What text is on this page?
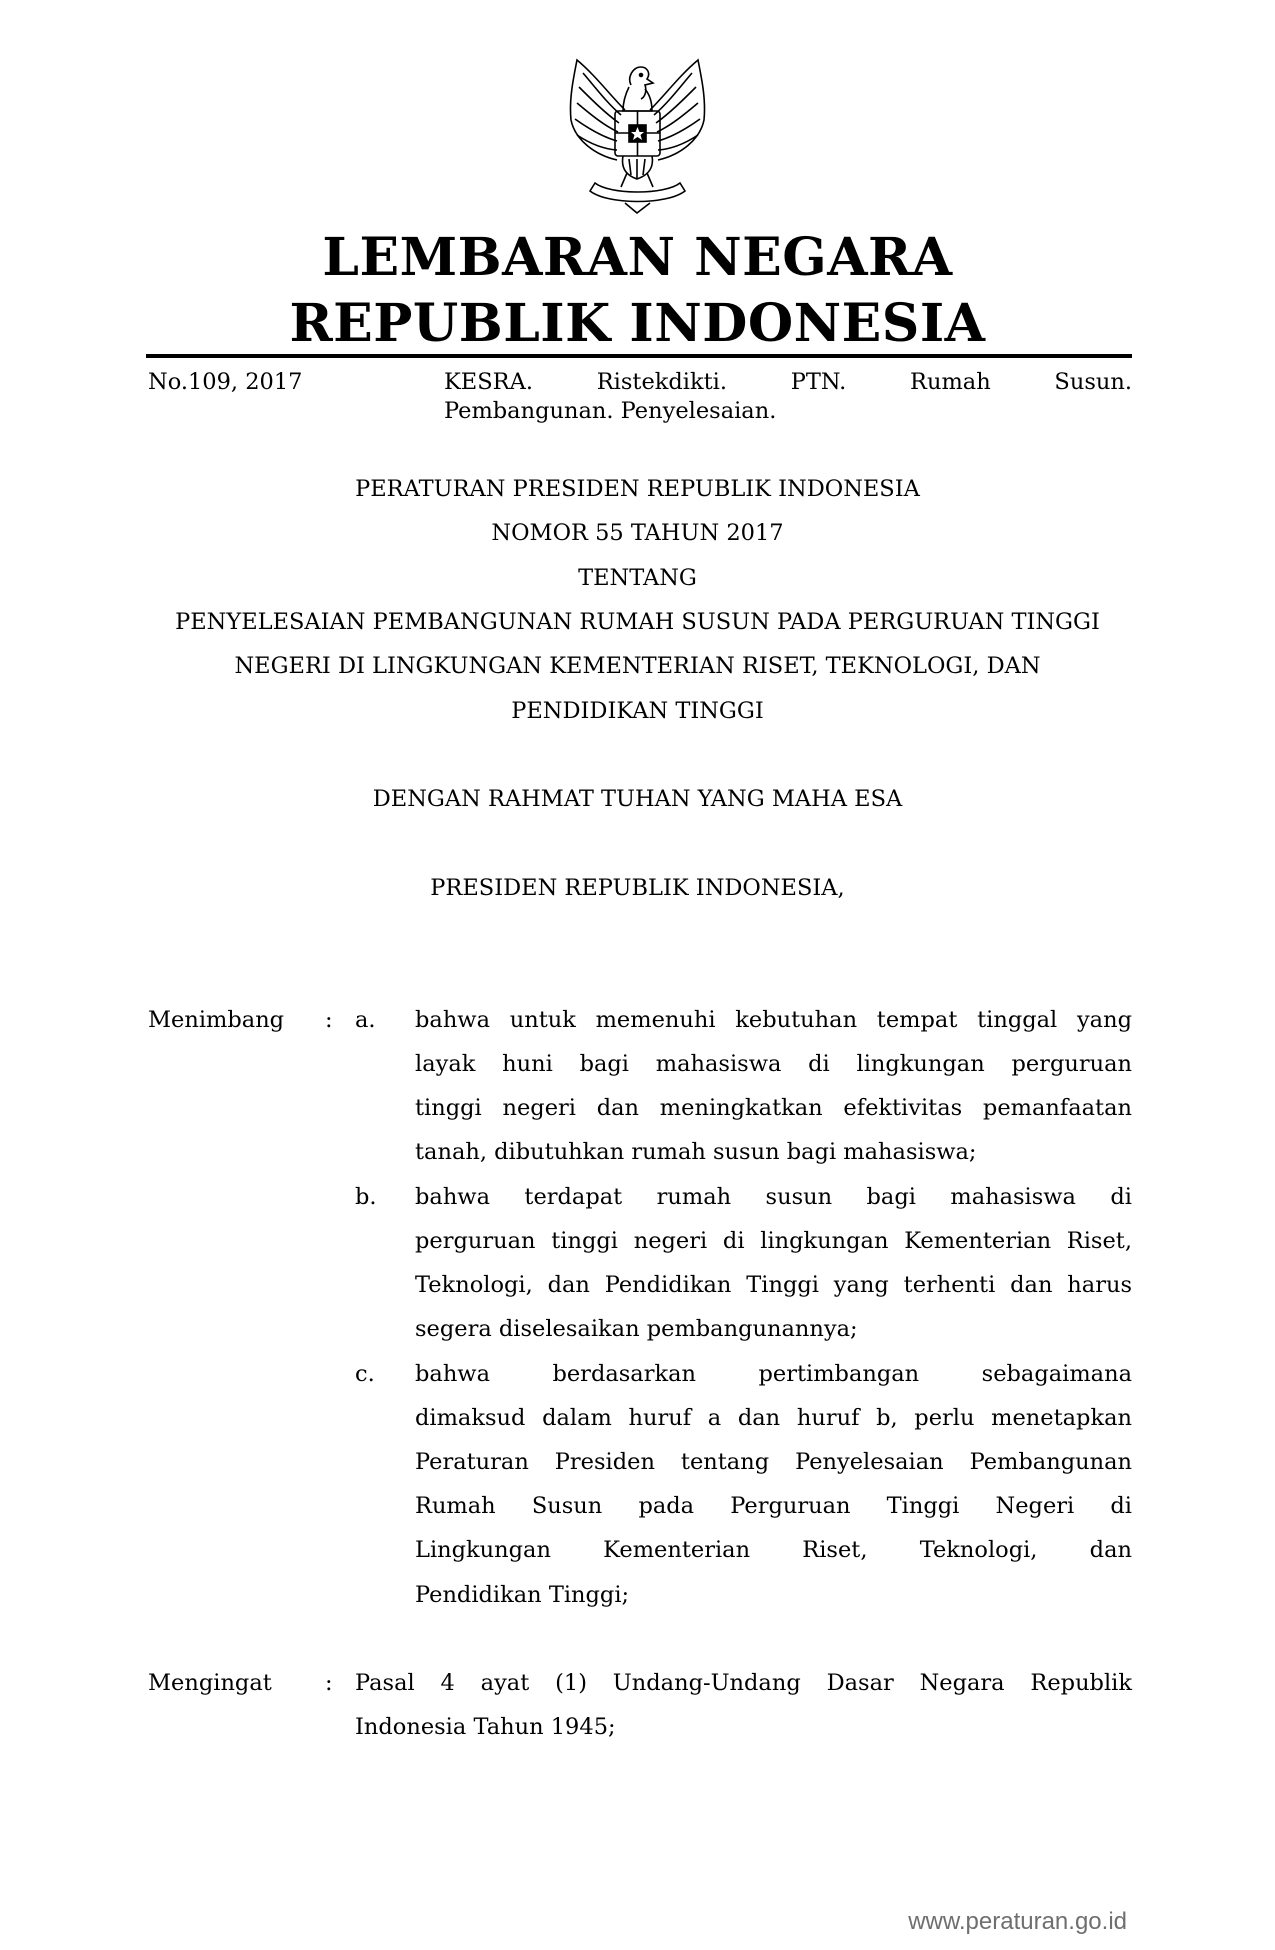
LEMBARAN NEGARA
REPUBLIK INDONESIA
No.109, 2017	KESRA. Ristekdikti. PTN. Rumah Susun.
Pembangunan. Penyelesaian.
PERATURAN PRESIDEN REPUBLIK INDONESIA
NOMOR 55 TAHUN 2017
TENTANG
PENYELESAIAN PEMBANGUNAN RUMAH SUSUN PADA PERGURUAN TINGGI
NEGERI DI LINGKUNGAN KEMENTERIAN RISET, TEKNOLOGI, DAN
PENDIDIKAN TINGGI
DENGAN RAHMAT TUHAN YANG MAHA ESA
PRESIDEN REPUBLIK INDONESIA,
Menimbang : a. bahwa untuk memenuhi kebutuhan tempat tinggal yang
layak huni bagi mahasiswa di lingkungan perguruan
tinggi negeri dan meningkatkan efektivitas pemanfaatan
tanah, dibutuhkan rumah susun bagi mahasiswa;
b. bahwa terdapat rumah susun bagi mahasiswa di
perguruan tinggi negeri di lingkungan Kementerian Riset,
Teknologi, dan Pendidikan Tinggi yang terhenti dan harus
segera diselesaikan pembangunannya;
c. bahwa berdasarkan pertimbangan sebagaimana
dimaksud dalam huruf a dan huruf b, perlu menetapkan
Peraturan Presiden tentang Penyelesaian Pembangunan
Rumah Susun pada Perguruan Tinggi Negeri di
Lingkungan Kementerian Riset, Teknologi, dan
Pendidikan Tinggi;
Mengingat : Pasal 4 ayat (1) Undang-Undang Dasar Negara Republik
Indonesia Tahun 1945;
www.peraturan.go.id
